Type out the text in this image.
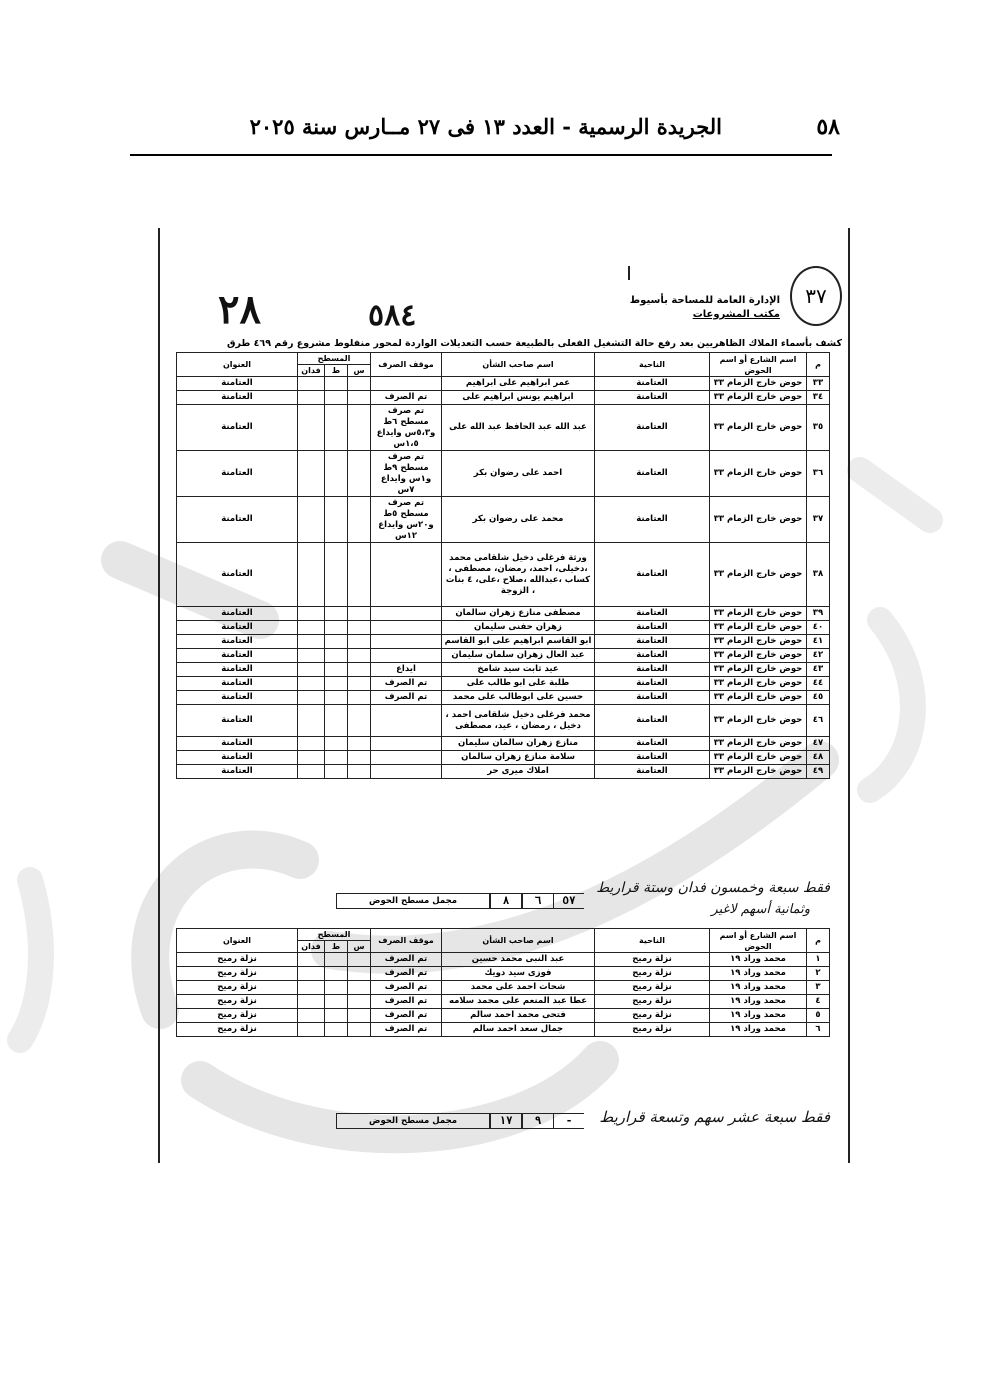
٥٨
الجريدة الرسمية - العدد ١٣ فى ٢٧ مــارس سنة ٢٠٢٥
٣٧
الإدارة العامة للمساحة بأسيوط
مكتب المشروعات
٢٨	٥٨٤
كشف بأسماء الملاك الظاهريين بعد رفع حالة التشغيل الفعلى بالطبيعة حسب التعديلات الواردة لمحور منفلوط مشروع رقم ٤٦٩ طرق
م	اسم الشارع أو اسم الحوض	الناحية	اسم صاحب الشأن	موقف الصرف	المسطح			العنوان
					س	ط	فدان	
٣٣	حوض خارج الزمام ٣٣	العتامنة	عمر ابراهيم على ابراهيم					العتامنة
٣٤	حوض خارج الزمام ٣٣	العتامنة	ابراهيم يونس ابراهيم على	تم الصرف				العتامنة
٣٥	حوض خارج الزمام ٣٣	العتامنة	عبد الله عبد الحافظ عبد الله على	تم صرف مسطح ٦ط و٥،٣س وايداع ١،٥س				العتامنة
٣٦	حوض خارج الزمام ٣٣	العتامنة	احمد على رضوان بكر	تم صرف مسطح ٩ط و١س وايداع ٧س				العتامنة
٣٧	حوض خارج الزمام ٣٣	العتامنة	محمد على رضوان بكر	تم صرف مسطح ٥ط و٢٠س وايداع ١٢س				العتامنة
٣٨	حوض خارج الزمام ٣٣	العتامنة	ورثة فرغلى دخيل شلقامى محمد ،دخيلى، احمد، رمضان، مصطفى ، كساب ،عبدالله ،صلاح ،على، ٤ بنات ، الزوجة					العتامنة
٣٩	حوض خارج الزمام ٣٣	العتامنة	مصطفى منازع زهران سالمان					العتامنة
٤٠	حوض خارج الزمام ٣٣	العتامنة	زهران حفنى سليمان					العتامنة
٤١	حوض خارج الزمام ٣٣	العتامنة	ابو القاسم ابراهيم على ابو القاسم					العتامنة
٤٢	حوض خارج الزمام ٣٣	العتامنة	عبد العال زهران سلمان سليمان					العتامنة
٤٣	حوض خارج الزمام ٣٣	العتامنة	عيد ثابت سيد شامخ	ايداع				العتامنة
٤٤	حوض خارج الزمام ٣٣	العتامنة	طلبة على ابو طالب على	تم الصرف				العتامنة
٤٥	حوض خارج الزمام ٣٣	العتامنة	حسين على ابوطالب على محمد	تم الصرف				العتامنة
٤٦	حوض خارج الزمام ٣٣	العتامنة	محمد فرغلى دخيل شلقامى احمد ، دخيل ، رمضان ، عيد، مصطفى					العتامنة
٤٧	حوض خارج الزمام ٣٣	العتامنة	منازع زهران سالمان سليمان					العتامنة
٤٨	حوض خارج الزمام ٣٣	العتامنة	سلامة منازع زهران سالمان					العتامنة
٤٩	حوض خارج الزمام ٣٣	العتامنة	املاك ميرى حر					العتامنة
مجمل مسطح الحوض	٨	٦	٥٧
فقط سبعة وخمسون فدان وستة قراريط
وثمانية أسهم لاغير
م	اسم الشارع أو اسم الحوض	الناحية	اسم صاحب الشأن	موقف الصرف	المسطح			العنوان
					س	ط	فدان	
١	محمد وراد ١٩	نزلة رميح	عبد النبى محمد حسين	تم الصرف				نزلة رميح
٢	محمد وراد ١٩	نزلة رميح	فوزى سيد دويك	تم الصرف				نزلة رميح
٣	محمد وراد ١٩	نزلة رميح	شحات احمد على محمد	تم الصرف				نزلة رميح
٤	محمد وراد ١٩	نزلة رميح	عطا عبد المنعم على محمد سلامه	تم الصرف				نزلة رميح
٥	محمد وراد ١٩	نزلة رميح	فتحى محمد احمد سالم	تم الصرف				نزلة رميح
٦	محمد وراد ١٩	نزلة رميح	جمال سعد احمد سالم	تم الصرف				نزلة رميح
مجمل مسطح الحوض	١٧	٩	-	فقط سبعة عشر سهم وتسعة قراريط
